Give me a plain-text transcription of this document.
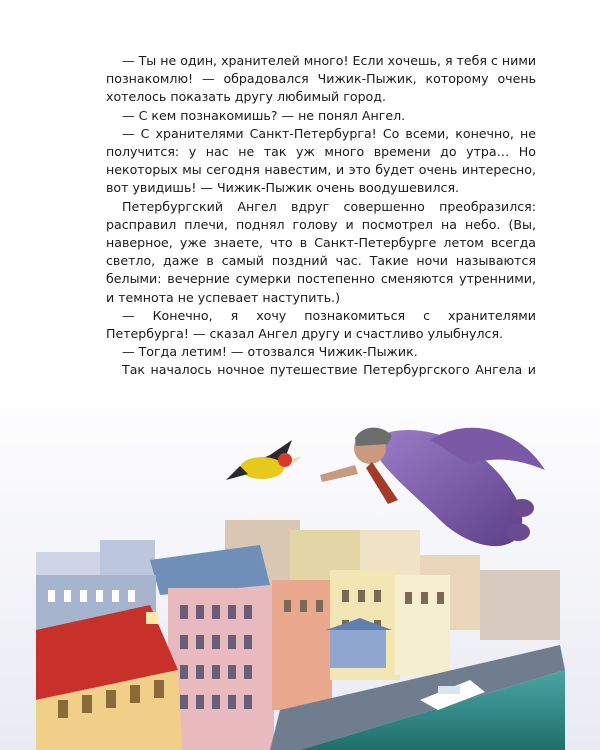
— Ты не один, хранителей много! Если хочешь, я тебя с ними познакомлю! — обрадовался Чижик-Пыжик, которому очень хотелось показать другу любимый город.

— С кем познакомишь? — не понял Ангел.

— С хранителями Санкт-Петербурга! Со всеми, конечно, не получится: у нас не так уж много времени до утра… Но некоторых мы сегодня навестим, и это будет очень интересно, вот увидишь! — Чижик-Пыжик очень воодушевился.

Петербургский Ангел вдруг совершенно преобразился: расправил плечи, поднял голову и посмотрел на небо. (Вы, наверное, уже знаете, что в Санкт-Петербурге летом всегда светло, даже в самый поздний час. Такие ночи называются белыми: вечерние сумерки постепенно сменяются утренними, и темнота не успевает наступить.)

— Конечно, я хочу познакомиться с хранителями Петербурга! — сказал Ангел другу и счастливо улыбнулся.

— Тогда летим! — отозвался Чижик-Пыжик.

Так началось ночное путешествие Петербургского Ангела и
